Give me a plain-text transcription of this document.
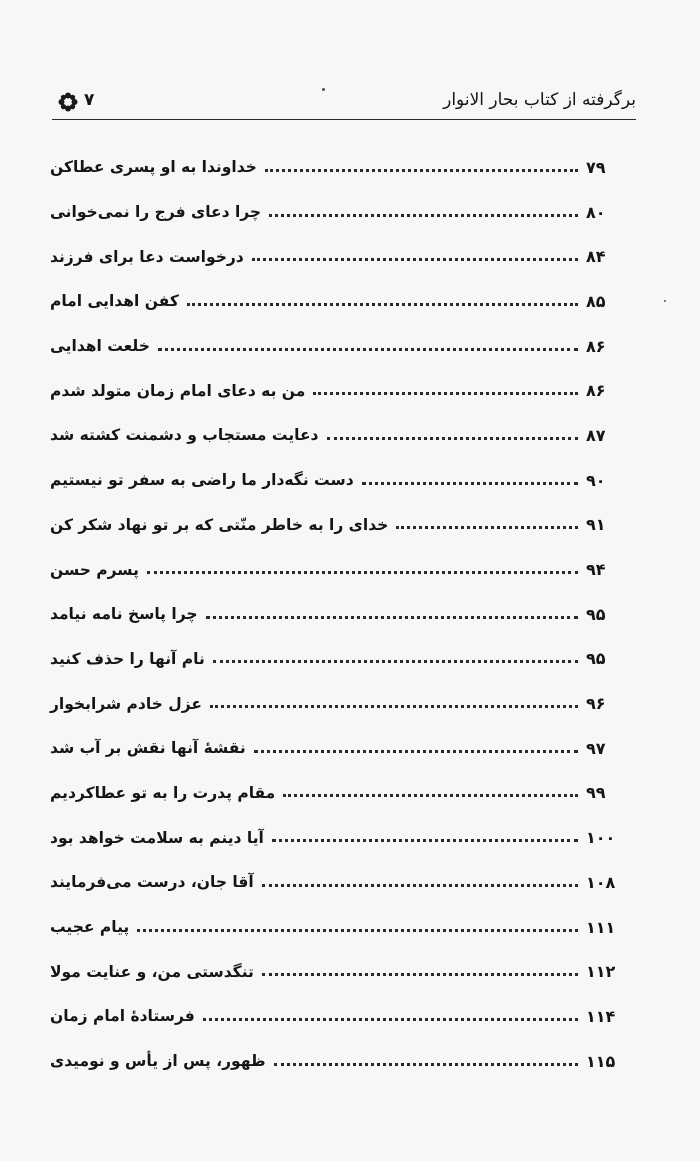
۷	برگرفته از کتاب بحار الانوار
خداوندا به او پسری عطاکن	۷۹
چرا دعای فرج را نمی‌خوانی	۸۰
درخواست دعا برای فرزند	۸۴
کفن اهدایی امام	۸۵
خلعت اهدایی	۸۶
من به دعای امام زمان متولد شدم	۸۶
دعایت مستجاب و دشمنت کشته شد	۸۷
دست نگه‌دار ما راضی به سفر تو نیستیم	۹۰
خدای را به خاطر منّتی که بر تو نهاد شکر کن	۹۱
پسرم حسن	۹۴
چرا پاسخ نامه نیامد	۹۵
نام آنها را حذف کنید	۹۵
عزل خادم شرابخوار	۹۶
نقشهٔ آنها نقش بر آب شد	۹۷
مقام پدرت را به تو عطاکردیم	۹۹
آیا دینم به سلامت خواهد بود	۱۰۰
آقا جان، درست می‌فرمایند	۱۰۸
پیام عجیب	۱۱۱
تنگدستی من، و عنایت مولا	۱۱۲
فرستادهٔ امام زمان	۱۱۴
ظهور، پس از یأس و نومیدی	۱۱۵
